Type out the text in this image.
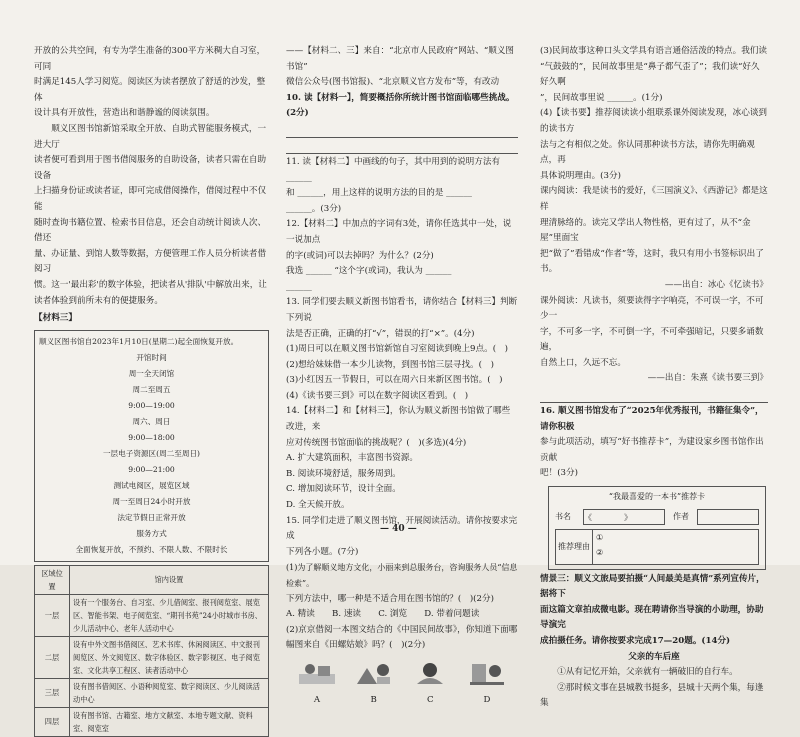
开放的公共空间，有专为学生准备的300平方米稠大自习室，可同

时满足145人学习阅览。阅读区为读者摆放了舒适的沙发，整体

设计具有开放性，营造出和谐静谧的阅读氛围。

顺义区图书馆新馆采取全开放、自助式智能服务模式，一进大厅

读者便可看到用于图书借阅服务的自助设备，读者只需在自助设备

上扫描身份证或读者证，即可完成借阅操作，借阅过程中不仅能

随时查询书籍位置、检索书目信息，还会自动统计阅读人次、借还

量、办证量、到馆人数等数据，方便管理工作人员分析读者借阅习

惯。这一'最出彩'的数字体验，把读者从'排队'中解放出来，让

读者体验到前所未有的便捷服务。

【材料三】

顺义区图书馆自2023年1月10日(星期二)起全面恢复开放。

开馆时间

周一全天闭馆

周二至周五

9:00—19:00

周六、周日

9:00—18:00

一层电子资源区(周二至周日)

9:00—21:00

测试电阅区，展览区域

周一至周日24小时开放

法定节假日正常开放

服务方式

全面恢复开放，不预约、不限人数、不限时长

区域位置	馆内设置
一层	设有一个服务台、自习室、少儿借阅室、报刊阅览室、展览区、智能书架、电子阅览室、“期刊书苑”24小时城市书房、少儿活动中心、老年人活动中心
二层	设有中外文图书借阅区、艺术书库、休闲阅读区、中文报刊阅览区、外文阅览区、数字体验区、数字影视区、电子阅览室、文化共享工程区、读者活动中心
三层	设有图书借阅区、小语种阅览室、数字阅读区、少儿阅读活动中心
四层	设有图书馆、古籍室、地方文献室、本地专题文献、资料室、阅览室

——【材料二、三】来自：“北京市人民政府”网站、“顺义图书馆”

微信公众号(图书馆报)、“北京顺义官方发布”等，有改动

10. 读【材料一】，简要概括你所统计图书馆面临哪些挑战。(2分)

11. 读【材料二】中画线的句子，其中用到的说明方法有 ______

和 ______，用上这样的说明方法的目的是 ______

______。(3分)

12.【材料二】中加点的字词有3处，请你任选其中一处，说一说加点

的字(或词)可以去掉吗？为什么？(2分)

我选 ______ “这个字(或词)，我认为 ______

______

13. 同学们要去顺义新图书馆看书，请你结合【材料三】判断下列说

法是否正确，正确的打“√”，错误的打“×”。(4分)

(1)周日可以在顺义图书馆新馆自习室阅读到晚上9点。(　)

(2)想给妹妹借一本少儿读物，到图书馆三层寻找。(　)

(3)小红因五一节假日，可以在周六日来新区图书馆。(　)

(4)《读书要三到》可以在数字阅读区看到。(　)

14.【材料二】和【材料三】，你认为顺义新图书馆做了哪些改进，来

应对传统图书馆面临的挑战呢？(　)(多选)(4分)

A. 扩大建筑面积，丰富图书资源。

B. 阅读环境舒适，服务周到。

C. 增加阅读环节，设计全面。

D. 全天候开放。

15. 同学们走进了顺义图书馆，开展阅读活动。请你按要求完成

下列各小题。(7分)

(1)为了解顺义地方文化，小丽来到总服务台，咨询服务人员“信息检索”。

下列方法中，哪一种是不适合用在图书馆的？(　)(2分)

A. 精读　　B. 速读　　C. 浏览　　D. 带着问题读

(2)京京借阅一本图文结合的《中国民间故事》，你知道下面哪

幅图来自《田螺姑娘》吗？(　)(2分)

A	B	C	D

(3)民间故事这种口头文学具有语言通俗活泼的特点。我们读

“气鼓鼓的”，民间故事里是“鼻子都气歪了”；我们读“好久好久啊

”，民间故事里说 ______。(1分)

(4)【读书要】推荐阅读读小组联系课外阅读发现，冰心谈到的读书方

法与之有相似之处。你认同那种读书方法，请你先明确观点，再

具体说明理由。(3分)

课内阅读：我是读书的爱好，《三国演义》、《西游记》都是这样

理清脉络的。读完又学出人物性格，更有过了，从不“金屋”里面宝

把“做了”看错成“作者”等，这时，我只有用小书签标识出了书。

——出自：冰心《忆读书》

课外阅读：凡读书，须要读得字字响亮，不可误一字，不可少一

字，不可多一字，不可倒一字，不可牵强暗记，只要多诵数遍，

自然上口，久远不忘。

——出自：朱熹《读书要三到》

16. 顺义图书馆发布了“2025年优秀报刊，书籍征集令”，请你积极

参与此项活动，填写“好书推荐卡”，为建设家乡图书馆作出贡献

吧！(3分)

“我最喜爱的一本书”推荐卡
书名	《　　　　》	作者
推荐理由
①
②

情景三：顺义文旅局要拍摄“人间最美是真情”系列宣传片，据将下

面这篇文章拍成微电影。现在聘请你当导演的小助理，协助导演完

成拍摄任务。请你按要求完成17—20题。(14分)

父亲的车后座

①从有记忆开始，父亲就有一辆破旧的自行车。

②那时候文事在县城教书挺多，县城十天两个集，每逢集

— 40 —
